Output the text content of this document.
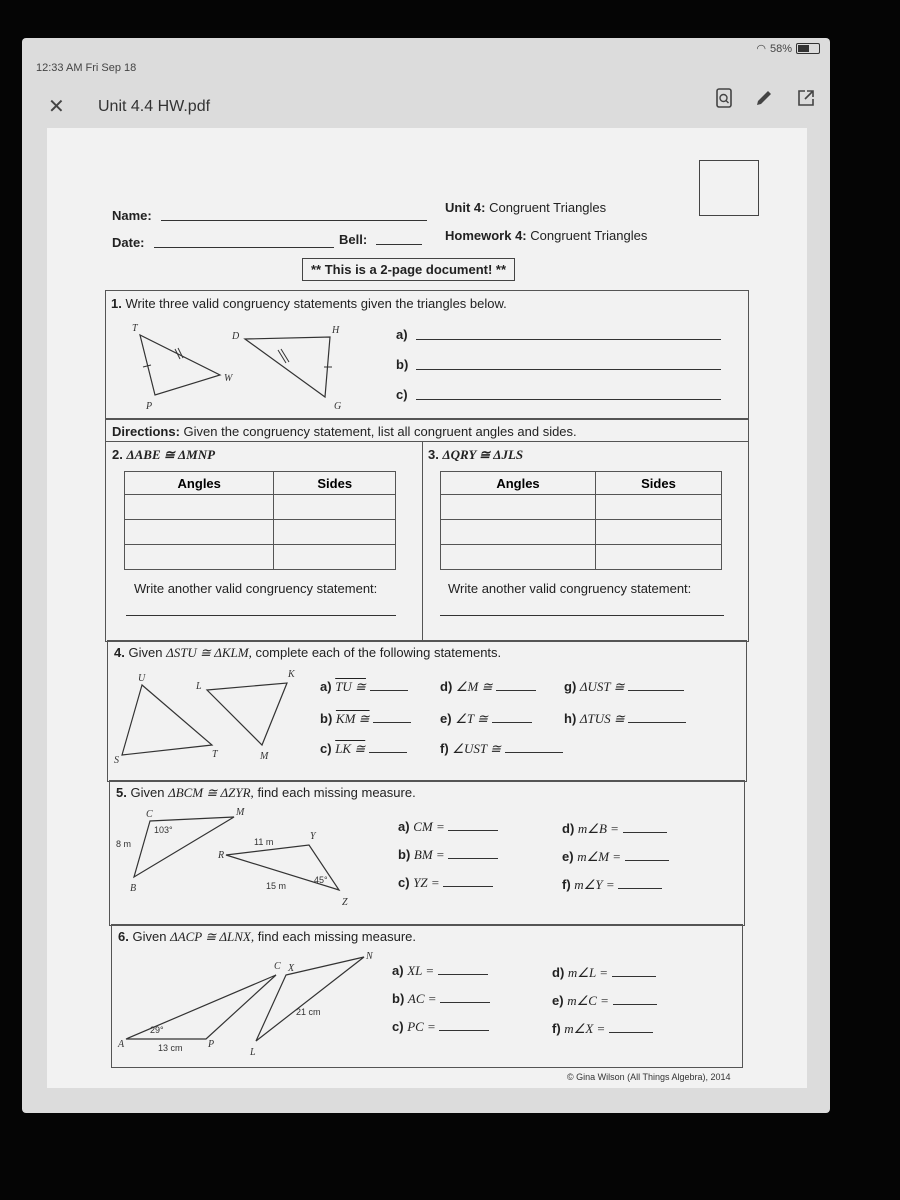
12:33 AM Fri Sep 18
◠ 58%
✕ Unit 4.4 HW.pdf
Name:
Date:	Bell:
Unit 4: Congruent Triangles
Homework 4: Congruent Triangles
** This is a 2-page document! **
1. Write three valid congruency statements given the triangles below.
T
P
W
D
H
G
a)
b)
c)
Directions: Given the congruency statement, list all congruent angles and sides.
2. ΔABE ≅ ΔMNP	3. ΔQRY ≅ ΔJLS
Angles	Sides

		Angles	Sides

Write another valid congruency statement:	Write another valid congruency statement:
4. Given ΔSTU ≅ ΔKLM, complete each of the following statements.
U
S
T
L
K
M
a) TU ≅
b) KM ≅
c) LK ≅
d) ∠M ≅
e) ∠T ≅
f) ∠UST ≅
g) ΔUST ≅
h) ΔTUS ≅
5. Given ΔBCM ≅ ΔZYR, find each missing measure.
C
B
M
R
Y
Z
103°
8 m	11 m
15 m
45°
a) CM =
b) BM =
c) YZ =
d) m∠B =
e) m∠M =
f) m∠Y =
6. Given ΔACP ≅ ΔLNX, find each missing measure.
A
C
P
X
N
L
29°
13 cm
21 cm
a) XL =
b) AC =
c) PC =
d) m∠L =
e) m∠C =
f) m∠X =
© Gina Wilson (All Things Algebra), 2014
